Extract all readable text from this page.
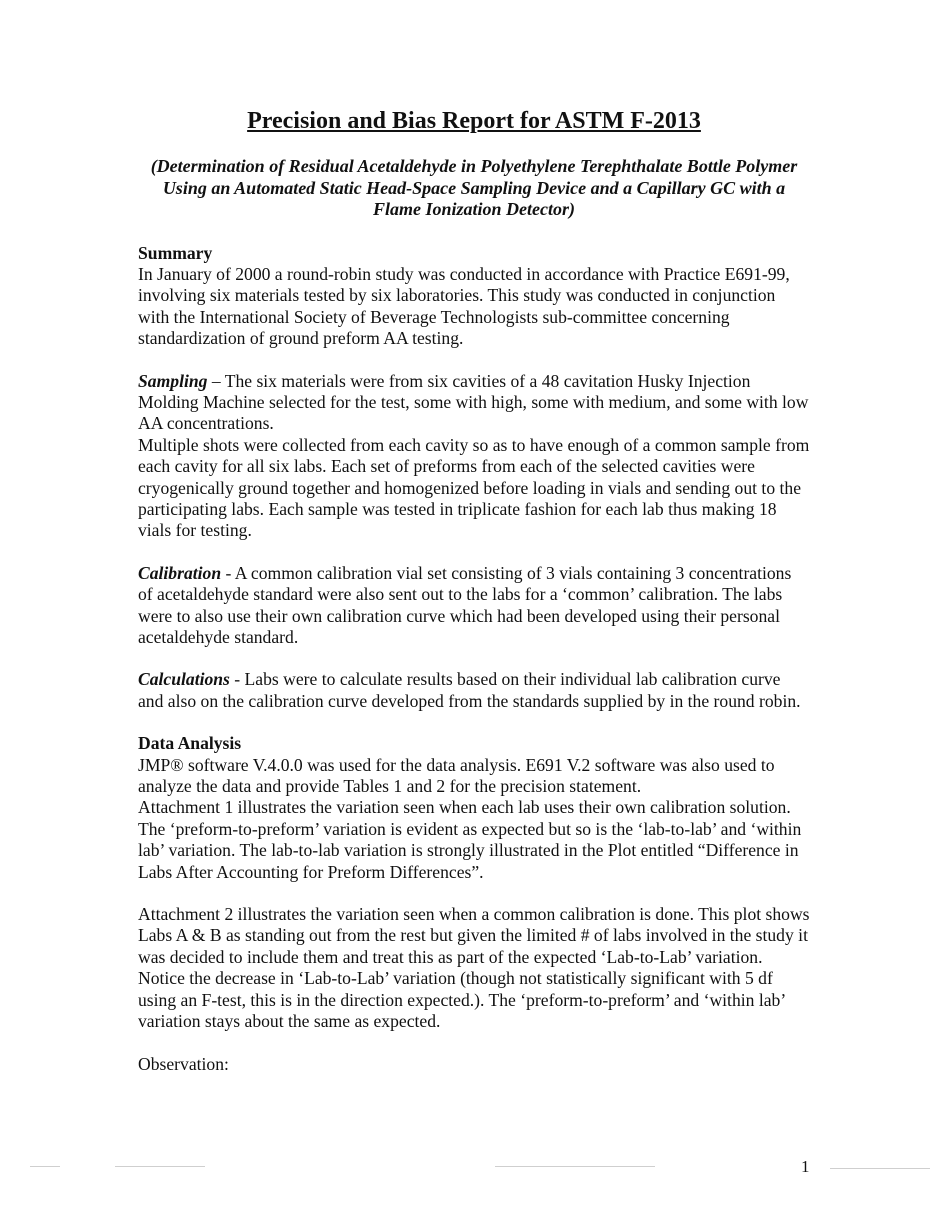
Precision and Bias Report for ASTM F-2013

(Determination of Residual Acetaldehyde in Polyethylene Terephthalate Bottle Polymer Using an Automated Static Head-Space Sampling Device and a Capillary GC with a Flame Ionization Detector)

Summary

In January of 2000 a round-robin study was conducted in accordance with Practice E691-99, involving six materials tested by six laboratories. This study was conducted in conjunction with the International Society of Beverage Technologists sub-committee concerning standardization of ground preform AA testing.

Sampling – The six materials were from six cavities of a 48 cavitation Husky Injection Molding Machine selected for the test, some with high, some with medium, and some with low AA concentrations.

Multiple shots were collected from each cavity so as to have enough of a common sample from each cavity for all six labs. Each set of preforms from each of the selected cavities were cryogenically ground together and homogenized before loading in vials and sending out to the participating labs. Each sample was tested in triplicate fashion for each lab thus making 18 vials for testing.

Calibration - A common calibration vial set consisting of 3 vials containing 3 concentrations of acetaldehyde standard were also sent out to the labs for a ‘common’ calibration. The labs were to also use their own calibration curve which had been developed using their personal acetaldehyde standard.

Calculations - Labs were to calculate results based on their individual lab calibration curve and also on the calibration curve developed from the standards supplied by in the round robin.

Data Analysis

JMP® software V.4.0.0 was used for the data analysis. E691 V.2 software was also used to analyze the data and provide Tables 1 and 2 for the precision statement.

Attachment 1 illustrates the variation seen when each lab uses their own calibration solution. The ‘preform-to-preform’ variation is evident as expected but so is the ‘lab-to-lab’ and ‘within lab’ variation. The lab-to-lab variation is strongly illustrated in the Plot entitled “Difference in Labs After Accounting for Preform Differences”.

Attachment 2 illustrates the variation seen when a common calibration is done. This plot shows Labs A & B as standing out from the rest but given the limited # of labs involved in the study it was decided to include them and treat this as part of the expected ‘Lab-to-Lab’ variation. Notice the decrease in ‘Lab-to-Lab’ variation (though not statistically significant with 5 df using an F-test, this is in the direction expected.). The ‘preform-to-preform’ and ‘within lab’ variation stays about the same as expected.

Observation:

1
